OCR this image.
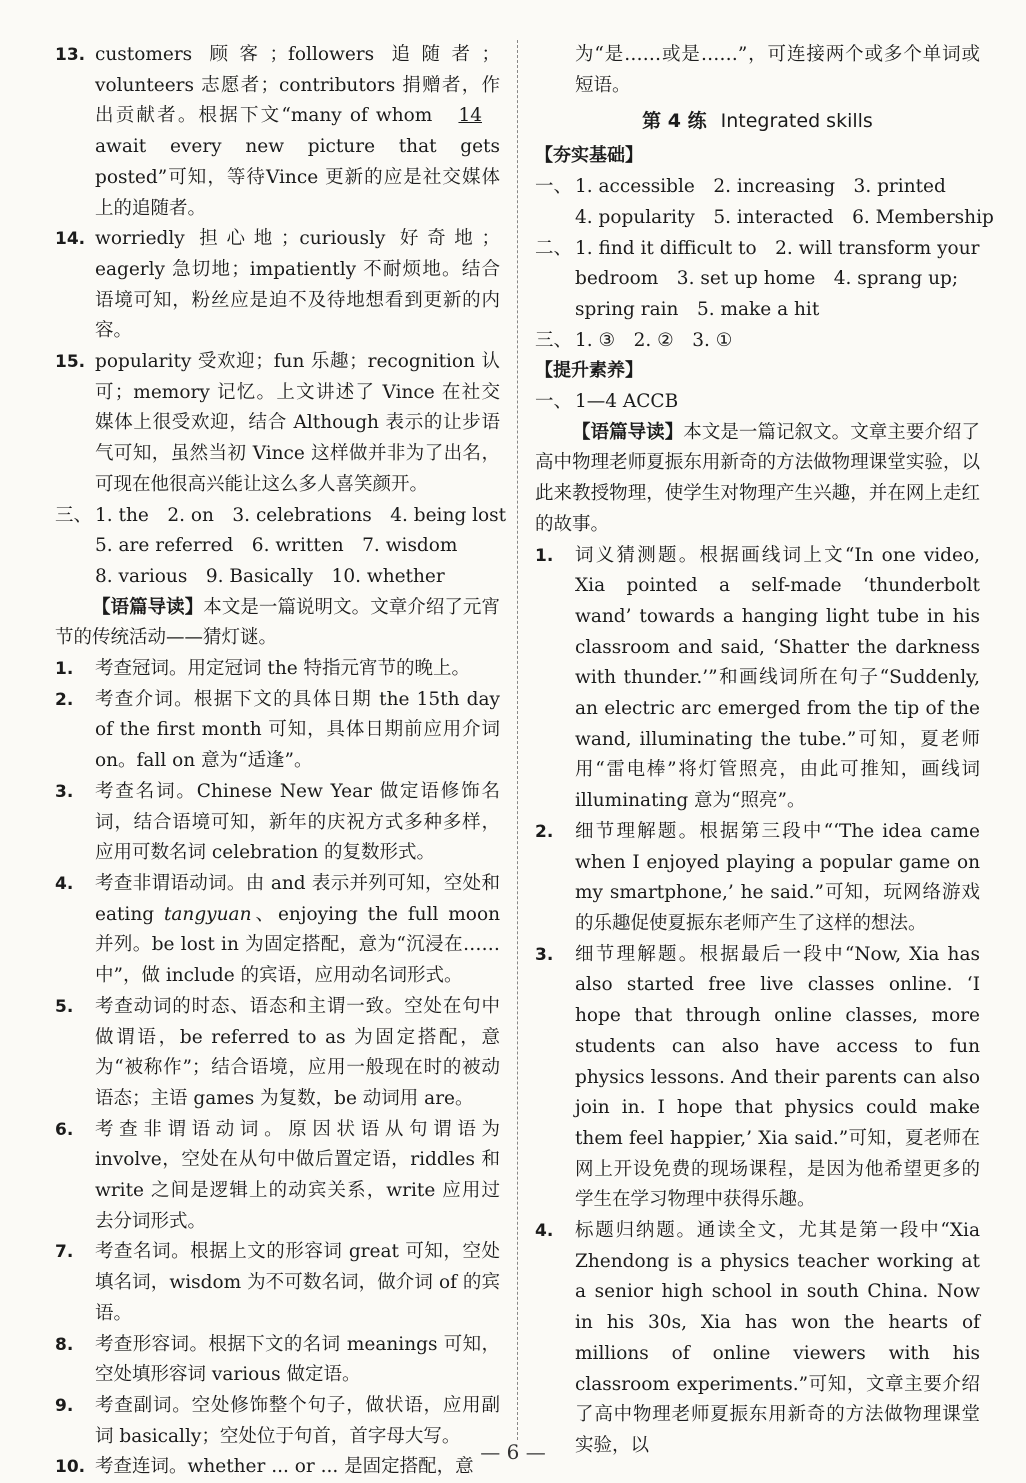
13. customers 顾客；followers 追随者；volunteers 志愿者；contributors 捐赠者，作出贡献者。根据下文“many of whom 14 await every new picture that gets posted”可知，等待Vince 更新的应是社交媒体上的追随者。

14. worriedly 担心地；curiously 好奇地；eagerly 急切地；impatiently 不耐烦地。结合语境可知，粉丝应是迫不及待地想看到更新的内容。

15. popularity 受欢迎；fun 乐趣；recognition 认可；memory 记忆。上文讲述了 Vince 在社交媒体上很受欢迎，结合 Although 表示的让步语气可知，虽然当初 Vince 这样做并非为了出名，可现在他很高兴能让这么多人喜笑颜开。

三、 1. the　2. on　3. celebrations　4. being lost

5. are referred　6. written　7. wisdom

8. various　9. Basically　10. whether

【语篇导读】本文是一篇说明文。文章介绍了元宵节的传统活动——猜灯谜。

1. 考查冠词。用定冠词 the 特指元宵节的晚上。

2. 考查介词。根据下文的具体日期 the 15th day of the first month 可知，具体日期前应用介词on。fall on 意为“适逢”。

3. 考查名词。Chinese New Year 做定语修饰名词，结合语境可知，新年的庆祝方式多种多样，应用可数名词 celebration 的复数形式。

4. 考查非谓语动词。由 and 表示并列可知，空处和 eating tangyuan、enjoying the full moon 并列。be lost in 为固定搭配，意为“沉浸在……中”，做 include 的宾语，应用动名词形式。

5. 考查动词的时态、语态和主谓一致。空处在句中做谓语，be referred to as 为固定搭配，意为“被称作”；结合语境，应用一般现在时的被动语态；主语 games 为复数，be 动词用 are。

6. 考查非谓语动词。原因状语从句谓语为 involve，空处在从句中做后置定语，riddles 和 write 之间是逻辑上的动宾关系，write 应用过去分词形式。

7. 考查名词。根据上文的形容词 great 可知，空处填名词，wisdom 为不可数名词，做介词 of 的宾语。

8. 考查形容词。根据下文的名词 meanings 可知，空处填形容词 various 做定语。

9. 考查副词。空处修饰整个句子，做状语，应用副词 basically；空处位于句首，首字母大写。

10. 考查连词。whether ... or ... 是固定搭配，意

为“是……或是……”，可连接两个或多个单词或短语。

第 4 练 Integrated skills

【夯实基础】

一、 1. accessible　2. increasing　3. printed

4. popularity　5. interacted　6. Membership

二、 1. find it difficult to　2. will transform your

bedroom　3. set up home　4. sprang up;

spring rain　5. make a hit

三、 1. ③　2. ②　3. ①

【提升素养】

一、 1—4 ACCB

【语篇导读】本文是一篇记叙文。文章主要介绍了高中物理老师夏振东用新奇的方法做物理课堂实验，以此来教授物理，使学生对物理产生兴趣，并在网上走红的故事。

1. 词义猜测题。根据画线词上文“In one video, Xia pointed a self-made ‘thunderbolt wand’ towards a hanging light tube in his classroom and said, ‘Shatter the darkness with thunder.’”和画线词所在句子“Suddenly, an electric arc emerged from the tip of the wand, illuminating the tube.”可知，夏老师用“雷电棒”将灯管照亮，由此可推知，画线词illuminating 意为“照亮”。

2. 细节理解题。根据第三段中“‘The idea came when I enjoyed playing a popular game on my smartphone,’ he said.”可知，玩网络游戏的乐趣促使夏振东老师产生了这样的想法。

3. 细节理解题。根据最后一段中“Now, Xia has also started free live classes online. ‘I hope that through online classes, more students can also have access to fun physics lessons. And their parents can also join in. I hope that physics could make them feel happier,’ Xia said.”可知，夏老师在网上开设免费的现场课程，是因为他希望更多的学生在学习物理中获得乐趣。

4. 标题归纳题。通读全文，尤其是第一段中“Xia Zhendong is a physics teacher working at a senior high school in south China. Now in his 30s, Xia has won the hearts of millions of online viewers with his classroom experiments.”可知，文章主要介绍了高中物理老师夏振东用新奇的方法做物理课堂实验，以

— 6 —
